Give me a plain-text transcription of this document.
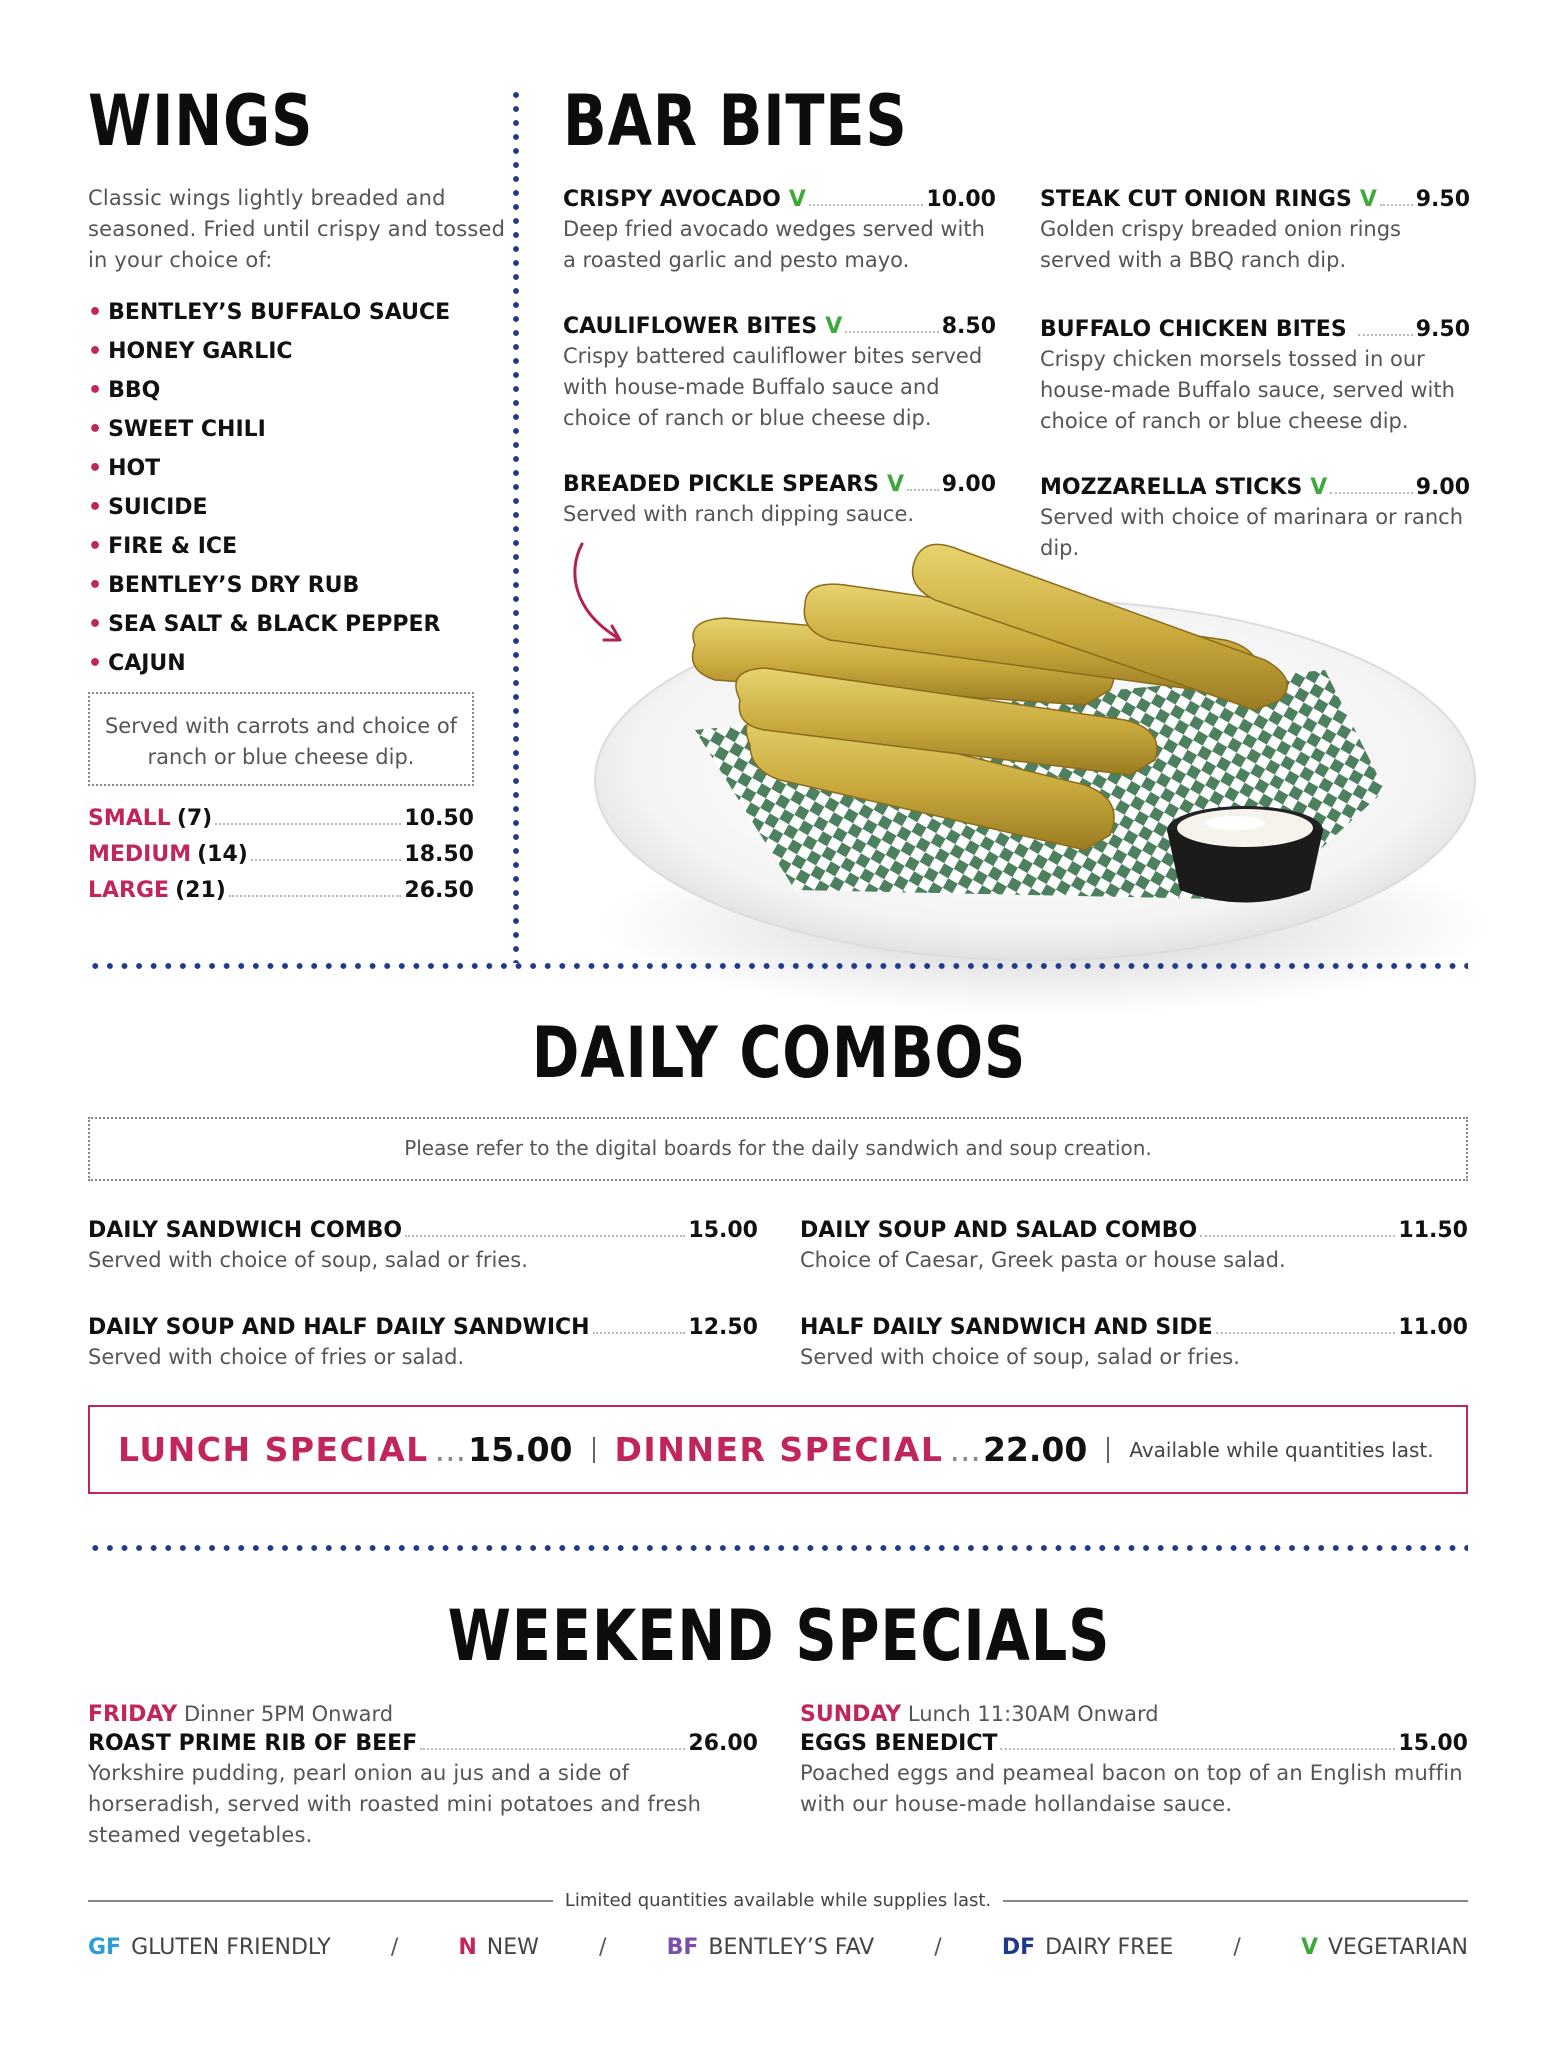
WINGS
Classic wings lightly breaded and seasoned. Fried until crispy and tossed in your choice of:
• BENTLEY’S BUFFALO SAUCE
• HONEY GARLIC
• BBQ
• SWEET CHILI
• HOT
• SUICIDE
• FIRE & ICE
• BENTLEY’S DRY RUB
• SEA SALT & BLACK PEPPER
• CAJUN
Served with carrots and choice of ranch or blue cheese dip.
SMALL (7)	10.50
MEDIUM (14)	18.50
LARGE (21)	26.50
BAR BITES
CRISPY AVOCADO V	10.00
Deep fried avocado wedges served with a roasted garlic and pesto mayo.
STEAK CUT ONION RINGS V 9.50
Golden crispy breaded onion rings served with a BBQ ranch dip.
CAULIFLOWER BITES V	8.50
Crispy battered cauliflower bites served with house-made Buffalo sauce and choice of ranch or blue cheese dip.
BUFFALO CHICKEN BITES	9.50
Crispy chicken morsels tossed in our house-made Buffalo sauce, served with choice of ranch or blue cheese dip.
BREADED PICKLE SPEARS V 9.00
Served with ranch dipping sauce.
MOZZARELLA STICKS V	9.00
Served with choice of marinara or ranch dip.
DAILY COMBOS
Please refer to the digital boards for the daily sandwich and soup creation.
DAILY SANDWICH COMBO	15.00
Served with choice of soup, salad or fries.
DAILY SOUP AND SALAD COMBO	11.50
Choice of Caesar, Greek pasta or house salad.
DAILY SOUP AND HALF DAILY SANDWICH	12.50
Served with choice of fries or salad.
HALF DAILY SANDWICH AND SIDE	11.00
Served with choice of soup, salad or fries.
LUNCH SPECIAL ... 15.00 DINNER SPECIAL ... 22.00 Available while quantities last.
WEEKEND SPECIALS
FRIDAY Dinner 5PM Onward
ROAST PRIME RIB OF BEEF	26.00
Yorkshire pudding, pearl onion au jus and a side of horseradish, served with roasted mini potatoes and fresh steamed vegetables.
SUNDAY Lunch 11:30AM Onward
EGGS BENEDICT	15.00
Poached eggs and peameal bacon on top of an English muffin with our house-made hollandaise sauce.
Limited quantities available while supplies last.
GF GLUTEN FRIENDLY	/	N NEW	/	BF BENTLEY’S FAV	/	DF DAIRY FREE	/	V VEGETARIAN
